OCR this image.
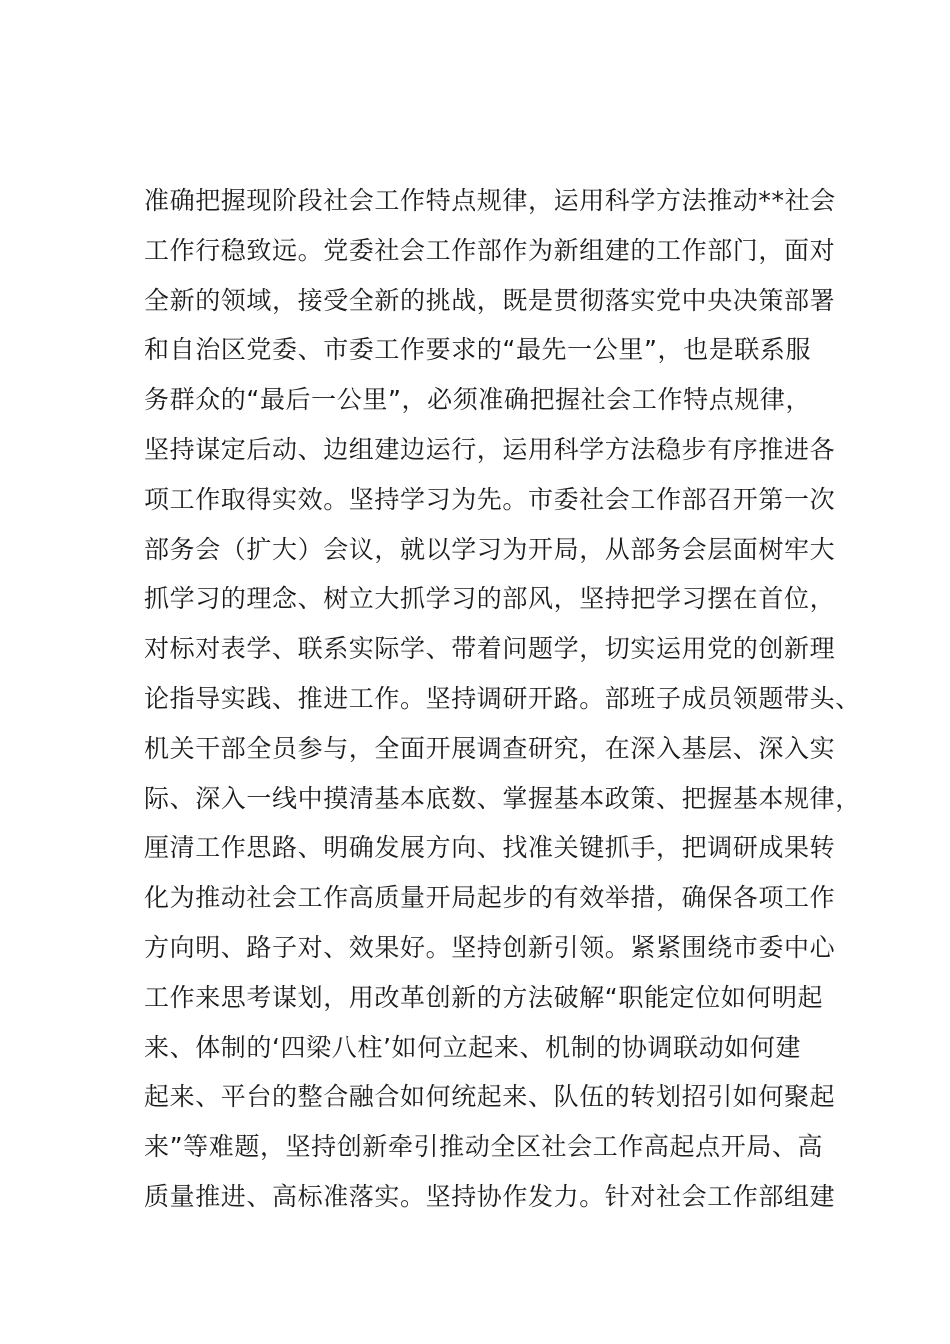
准确把握现阶段社会工作特点规律，运用科学方法推动**社会
工作行稳致远。党委社会工作部作为新组建的工作部门，面对
全新的领域，接受全新的挑战，既是贯彻落实党中央决策部署
和自治区党委、市委工作要求的“最先一公里”，也是联系服
务群众的“最后一公里”，必须准确把握社会工作特点规律，
坚持谋定后动、边组建边运行，运用科学方法稳步有序推进各
项工作取得实效。坚持学习为先。市委社会工作部召开第一次
部务会（扩大）会议，就以学习为开局，从部务会层面树牢大
抓学习的理念、树立大抓学习的部风，坚持把学习摆在首位，
对标对表学、联系实际学、带着问题学，切实运用党的创新理
论指导实践、推进工作。坚持调研开路。部班子成员领题带头、
机关干部全员参与，全面开展调查研究，在深入基层、深入实
际、深入一线中摸清基本底数、掌握基本政策、把握基本规律，
厘清工作思路、明确发展方向、找准关键抓手，把调研成果转
化为推动社会工作高质量开局起步的有效举措，确保各项工作
方向明、路子对、效果好。坚持创新引领。紧紧围绕市委中心
工作来思考谋划，用改革创新的方法破解“职能定位如何明起
来、体制的‘四梁八柱’如何立起来、机制的协调联动如何建
起来、平台的整合融合如何统起来、队伍的转划招引如何聚起
来”等难题，坚持创新牵引推动全区社会工作高起点开局、高
质量推进、高标准落实。坚持协作发力。针对社会工作部组建
